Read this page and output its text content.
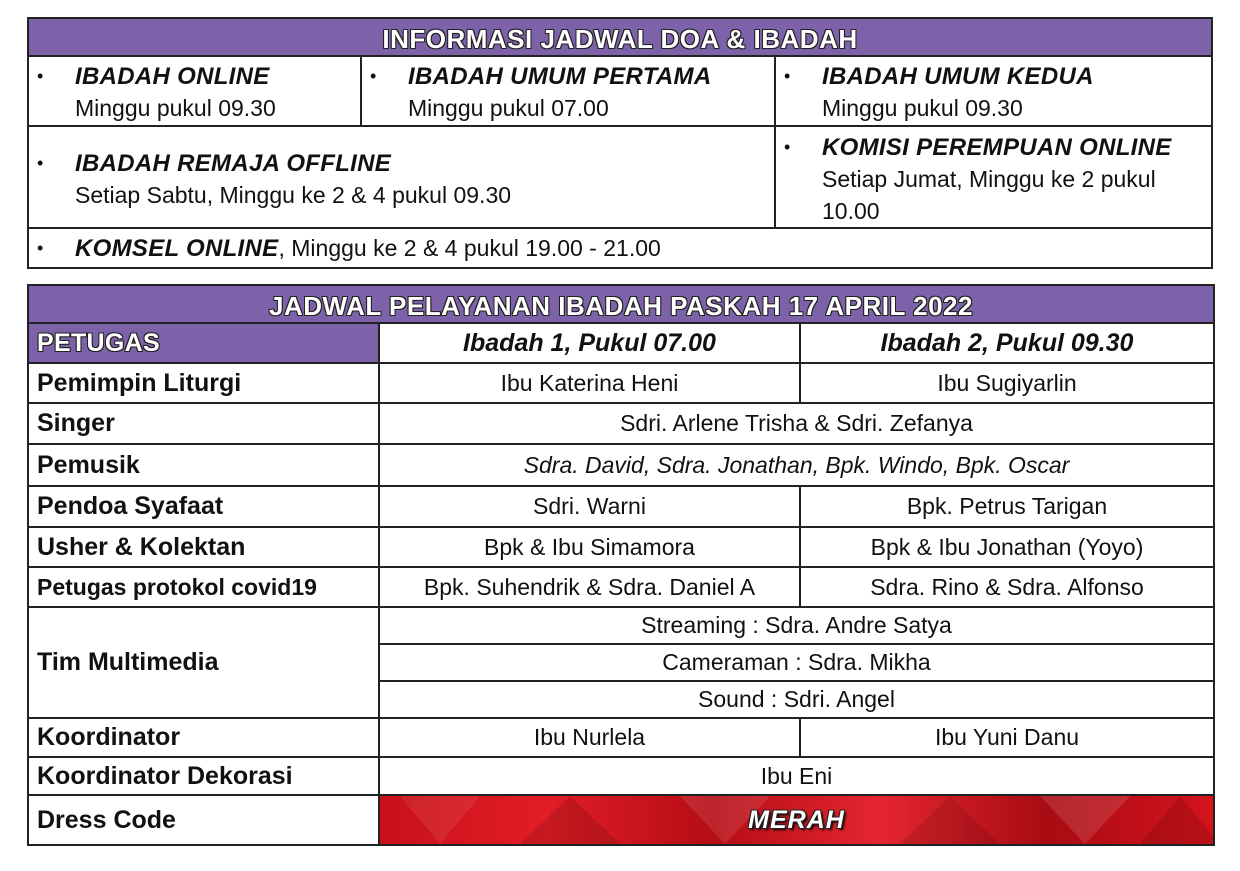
INFORMASI JADWAL DOA & IBADAH
• IBADAH ONLINE
Minggu pukul 09.30
• IBADAH UMUM PERTAMA
Minggu pukul 07.00
• IBADAH UMUM KEDUA
Minggu pukul 09.30
• IBADAH REMAJA OFFLINE
Setiap Sabtu, Minggu ke 2 & 4 pukul 09.30
• KOMISI PEREMPUAN ONLINE
Setiap Jumat, Minggu ke 2 pukul 10.00
• KOMSEL ONLINE, Minggu ke 2 & 4 pukul 19.00 - 21.00
JADWAL PELAYANAN IBADAH PASKAH 17 APRIL 2022
PETUGAS	Ibadah 1, Pukul 07.00	Ibadah 2, Pukul 09.30
Pemimpin Liturgi	Ibu Katerina Heni	Ibu Sugiyarlin
Singer	Sdri. Arlene Trisha & Sdri. Zefanya
Pemusik	Sdra. David, Sdra. Jonathan, Bpk. Windo, Bpk. Oscar
Pendoa Syafaat	Sdri. Warni	Bpk. Petrus Tarigan
Usher & Kolektan	Bpk & Ibu Simamora	Bpk & Ibu Jonathan (Yoyo)
Petugas protokol covid19	Bpk. Suhendrik & Sdra. Daniel A	Sdra. Rino & Sdra. Alfonso
Tim Multimedia
Streaming : Sdra. Andre Satya
Cameraman : Sdra. Mikha
Sound : Sdri. Angel
Koordinator	Ibu Nurlela	Ibu Yuni Danu
Koordinator Dekorasi	Ibu Eni
Dress Code	MERAH
